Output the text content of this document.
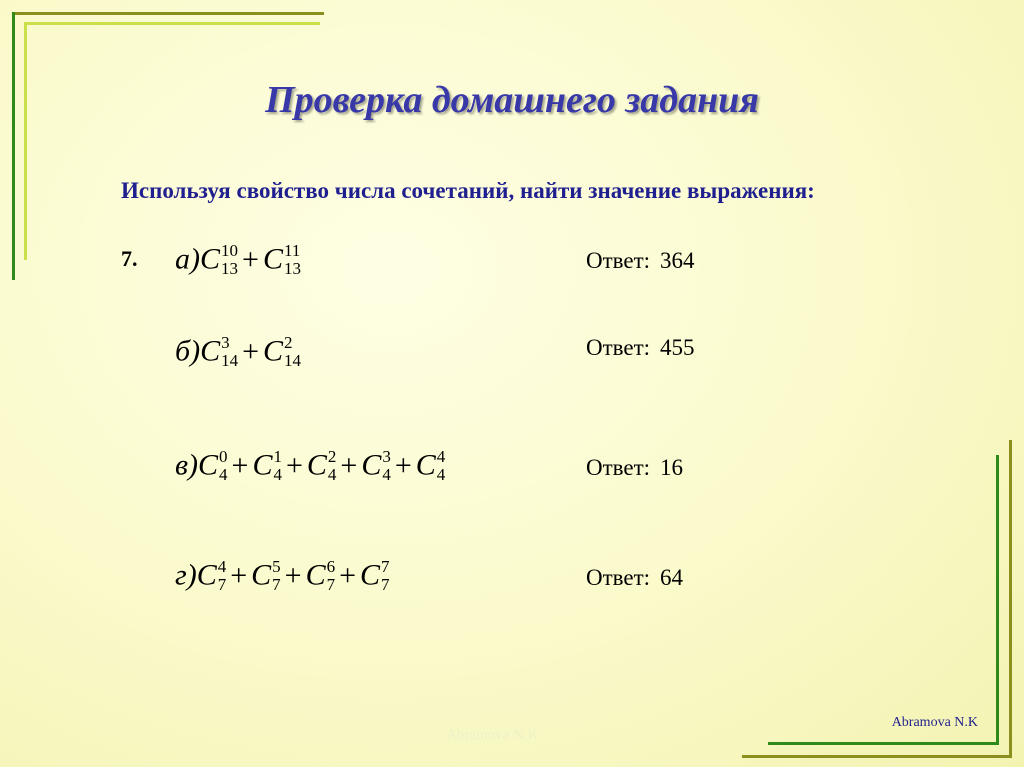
Проверка домашнего задания
Используя свойство числа сочетаний, найти значение выражения:
7. а)C 10
13 + C 11
13	Ответ: 364
б)C 3
14 + C 2
14
Ответ: 455
в)C 0
4 + C 1
4 + C 2
4 + C 3
4 + C 4
4	Ответ: 16
г)C 4
7 + C 5
7 + C 6
7 + C 7
7	Ответ: 64
Abramova N.K
Abramova N.K
